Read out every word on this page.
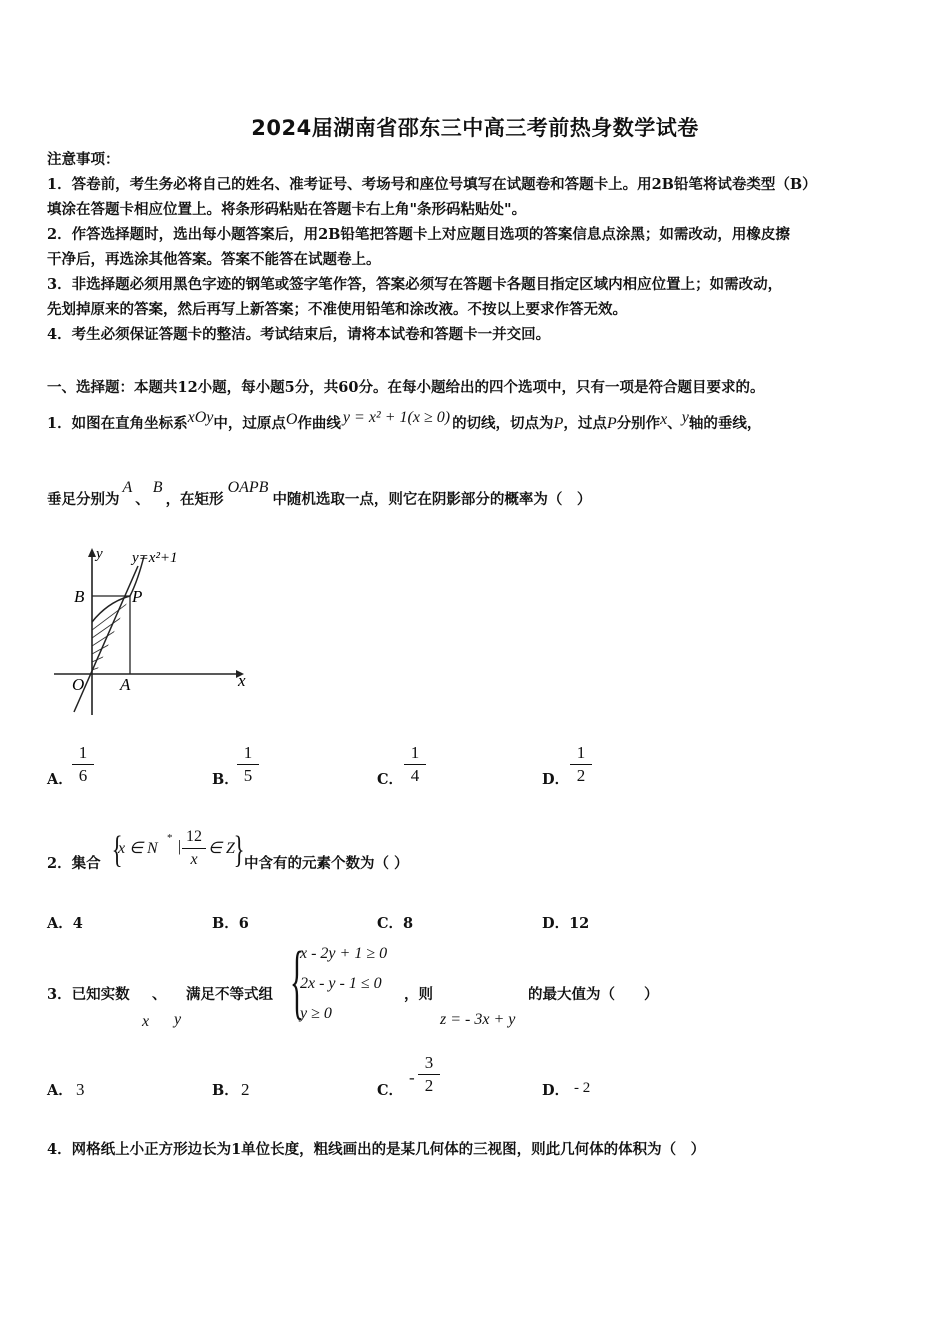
2024届湖南省邵东三中高三考前热身数学试卷
注意事项：
1．答卷前，考生务必将自己的姓名、准考证号、考场号和座位号填写在试题卷和答题卡上。用2B铅笔将试卷类型（B）
填涂在答题卡相应位置上。将条形码粘贴在答题卡右上角"条形码粘贴处"。
2．作答选择题时，选出每小题答案后，用2B铅笔把答题卡上对应题目选项的答案信息点涂黑；如需改动，用橡皮擦
干净后，再选涂其他答案。答案不能答在试题卷上。
3．非选择题必须用黑色字迹的钢笔或签字笔作答，答案必须写在答题卡各题目指定区域内相应位置上；如需改动，
先划掉原来的答案，然后再写上新答案；不准使用铅笔和涂改液。不按以上要求作答无效。
4．考生必须保证答题卡的整洁。考试结束后，请将本试卷和答题卡一并交回。
一、选择题：本题共12小题，每小题5分，共60分。在每小题给出的四个选项中，只有一项是符合题目要求的。
1．如图在直角坐标系xOy中，过原点O作曲线 y = x² + 1(x ≥ 0) 的切线，切点为P，过点P分别作x、y轴的垂线，
垂足分别为A、B，在矩形OAPB中随机选取一点，则它在阴影部分的概率为（　）
y y=x²+1
B	P
O A	x
A． $\frac{1}{6}$	B．
$\frac{1}{5}$	C． $\frac{1}{4}$	D． $\frac{1}{2}$
2．集合 {
x ∈ N
* | $\frac{12}{x}$ ∈ Z
} 中含有的元素个数为（ ）
A．4	B．6	C．8	D．12
3．已知实数 、 满足不等式组
x y {
x - 2y + 1 ≥ 0
2x - y - 1 ≤ 0
y ≥ 0
，则
z = - 3x + y
的最大值为（　　）
A． 3	B． 2	C．
- $\frac{3}{2}$	D． - 2
4．网格纸上小正方形边长为1单位长度，粗线画出的是某几何体的三视图，则此几何体的体积为（　）
